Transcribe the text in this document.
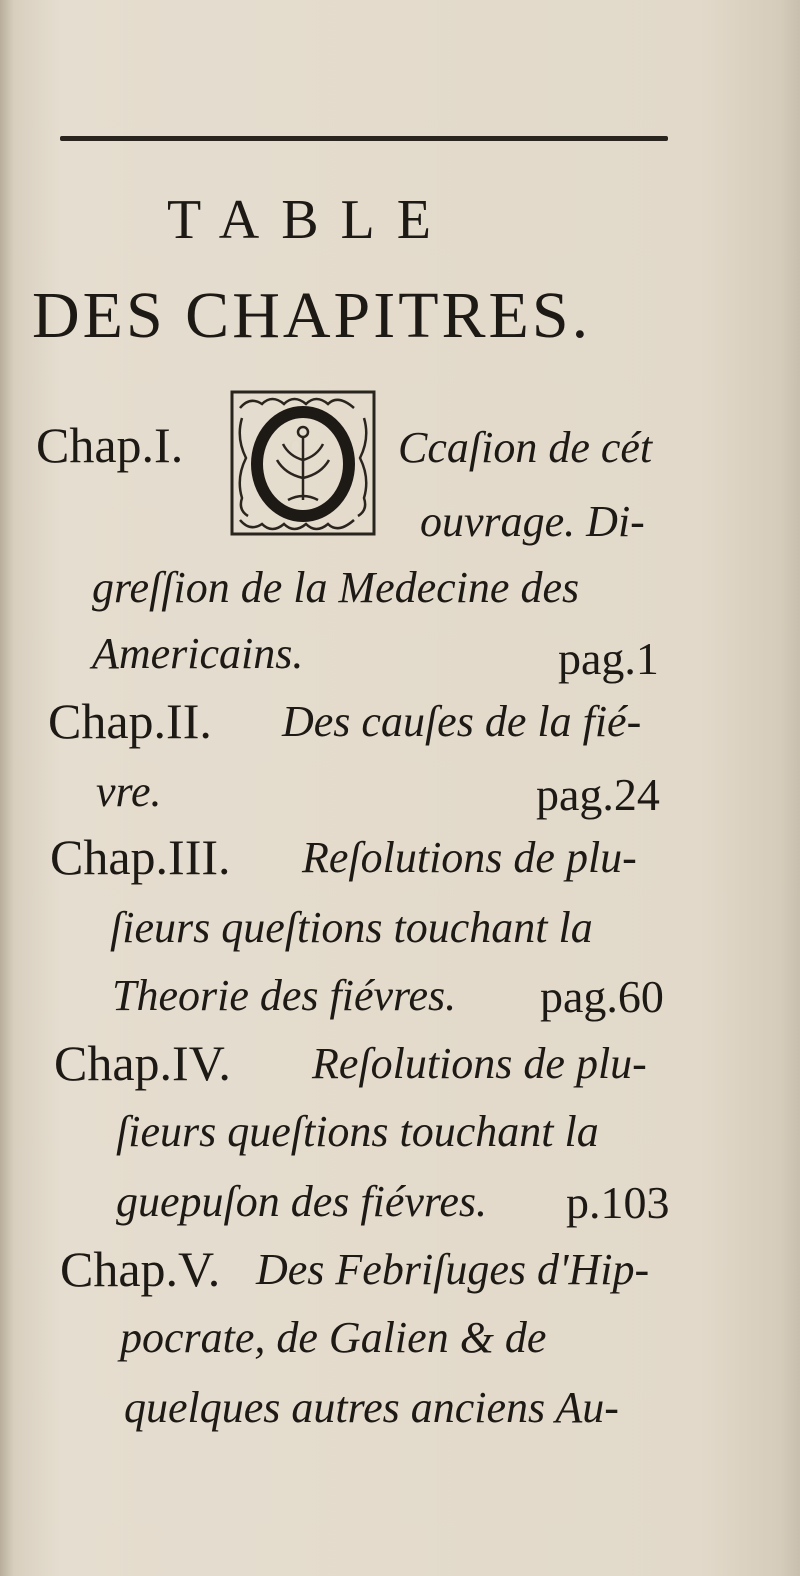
TABLE
DES CHAPITRES.
Chap.I.	O Ccaſion de cét
ouvrage. Di-
greſſion de la Medecine des
Americains.	pag.1
Chap.II. Des cauſes de la fié-
vre.	pag.24
Chap.III. Reſolutions de plu-
ſieurs queſtions touchant la
Theorie des fiévres. pag.60
Chap.IV. Reſolutions de plu-
ſieurs queſtions touchant la
guериſon des fiévres. p.103
Chap.V. Des Febriſuges d'Hip-
pocrate, de Galien & de
quelques autres anciens Au-
